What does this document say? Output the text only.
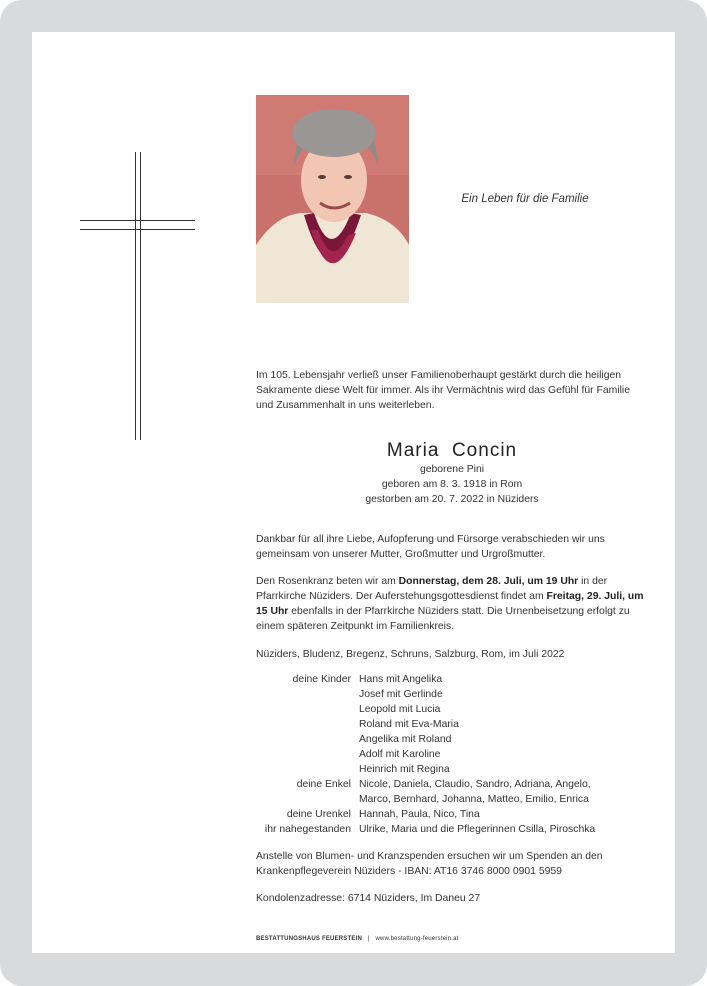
Ein Leben für die Familie
Im 105. Lebensjahr verließ unser Familienoberhaupt gestärkt durch die heiligen Sakramente diese Welt für immer. Als ihr Vermächtnis wird das Gefühl für Familie und Zusammenhalt in uns weiterleben.
Maria  Concin
geborene Pini
geboren am 8. 3. 1918 in Rom
gestorben am 20. 7. 2022 in Nüziders
Dankbar für all ihre Liebe, Aufopferung und Fürsorge verabschieden wir uns gemeinsam von unserer Mutter, Großmutter und Urgroßmutter.
Den Rosenkranz beten wir am Donnerstag, dem 28. Juli, um 19 Uhr in der Pfarrkirche Nüziders. Der Auferstehungsgottesdienst findet am Freitag, 29. Juli, um 15 Uhr ebenfalls in der Pfarrkirche Nüziders statt. Die Urnenbeisetzung erfolgt zu einem späteren Zeitpunkt im Familienkreis.
Nüziders, Bludenz, Bregenz, Schruns, Salzburg, Rom, im Juli 2022
deine Kinder Hans mit Angelika
Josef mit Gerlinde
Leopold mit Lucia
Roland mit Eva-Maria
Angelika mit Roland
Adolf mit Karoline
Heinrich mit Regina
deine Enkel Nicole, Daniela, Claudio, Sandro, Adriana, Angelo,
Marco, Bernhard, Johanna, Matteo, Emilio, Enrica
deine Urenkel Hannah, Paula, Nico, Tina
ihr nahegestanden Ulrike, Maria und die Pflegerinnen Csilla, Piroschka
Anstelle von Blumen- und Kranzspenden ersuchen wir um Spenden an den Krankenpflegeverein Nüziders - IBAN: AT16 3746 8000 0901 5959
Kondolenzadresse: 6714 Nüziders, Im Daneu 27
BESTATTUNGSHAUS FEUERSTEIN | www.bestattung-feuerstein.at
